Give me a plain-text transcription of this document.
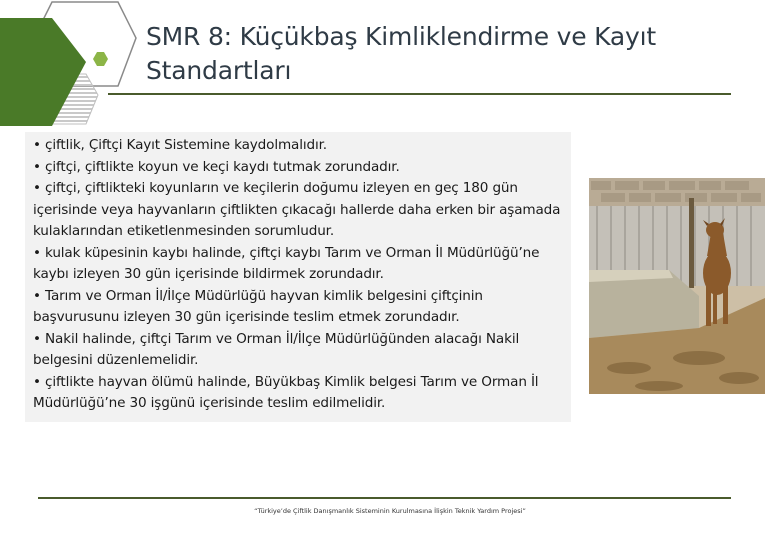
SMR 8: Küçükbaş Kimliklendirme ve Kayıt Standartları

• çiftlik, Çiftçi Kayıt Sistemine kaydolmalıdır.

• çiftçi, çiftlikte koyun ve keçi kaydı tutmak zorundadır.

• çiftçi, çiftlikteki koyunların ve keçilerin doğumu izleyen en geç 180 gün içerisinde veya hayvanların çiftlikten çıkacağı hallerde daha erken bir aşamada kulaklarından etiketlenmesinden sorumludur.

• kulak küpesinin kaybı halinde, çiftçi kaybı Tarım ve Orman İl Müdürlüğü’ne kaybı izleyen 30 gün içerisinde bildirmek zorundadır.

• Tarım ve Orman İl/İlçe Müdürlüğü hayvan kimlik belgesini çiftçinin başvurusunu izleyen 30 gün içerisinde teslim etmek zorundadır.

• Nakil halinde, çiftçi Tarım ve Orman İl/İlçe Müdürlüğünden alacağı Nakil belgesini düzenlemelidir.

• çiftlikte hayvan ölümü halinde, Büyükbaş Kimlik belgesi Tarım ve Orman İl Müdürlüğü’ne 30 işgünü içerisinde teslim edilmelidir.

“Türkiye’de Çiftlik Danışmanlık Sisteminin Kurulmasına İlişkin Teknik Yardım Projesi”
